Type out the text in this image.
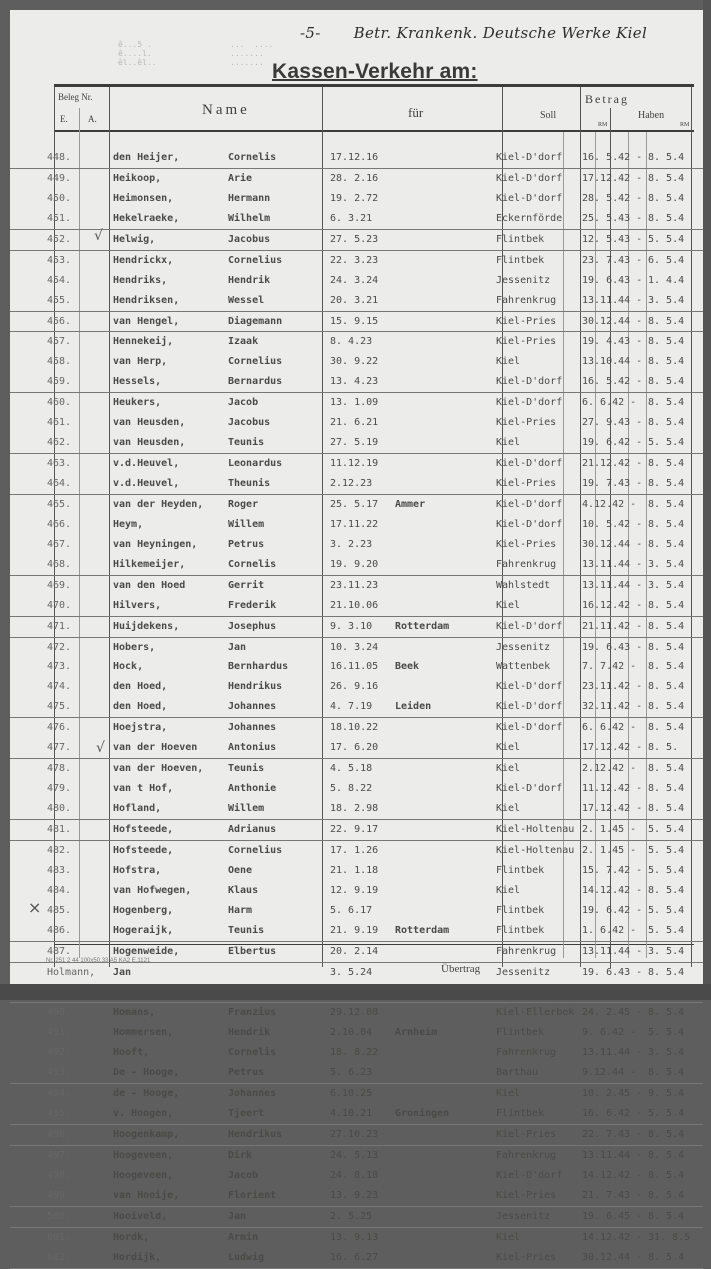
-5- Betr. Krankenk. Deutsche Werke Kiel
Kassen-Verkehr am:
ê...5 .
ê....l.
êl..êl..
...  ....
.......
.......
Beleg Nr.
E. A.
Name	für
Betrag
Soll	Haben
RM	RM
448.	den Heijer,	Cornelis	17.12.16	Kiel-D'dorf 16. 5.42 - 8. 5.4
449.	Heikoop,	Arie	28. 2.16	Kiel-D'dorf 17.12.42 - 8. 5.4
450.	Heimonsen,	Hermann	19. 2.72	Kiel-D'dorf 28. 5.42 - 8. 5.4
451.	Hekelraeke,	Wilhelm	6. 3.21	Eckernförde 25. 5.43 - 8. 5.4
452.	Helwig,	Jacobus	27. 5.23	Flintbek	12. 5.43 - 5. 5.4
453.	Hendrickx,	Cornelius	22. 3.23	Flintbek	23. 7.43 - 6. 5.4
454.	Hendriks,	Hendrik	24. 3.24	Jessenitz	19. 6.43 - 1. 4.4
455.	Hendriksen,	Wessel	20. 3.21	Fahrenkrug	13.11.44 - 3. 5.4
456.	van Hengel,	Diagemann	15. 9.15	Kiel-Pries	30.12.44 - 8. 5.4
457.	Hennekeij,	Izaak	8. 4.23	Kiel-Pries	19. 4.43 - 8. 5.4
458.	van Herp,	Cornelius	30. 9.22	Kiel	13.10.44 - 8. 5.4
459.	Hessels,	Bernardus	13. 4.23	Kiel-D'dorf 16. 5.42 - 8. 5.4
460.	Heukers,	Jacob	13. 1.09	Kiel-D'dorf 6. 6.42 - 8. 5.4
461.	van Heusden,	Jacobus	21. 6.21	Kiel-Pries	27. 9.43 - 8. 5.4
462.	van Heusden,	Teunis	27. 5.19	Kiel	19. 6.42 - 5. 5.4
463.	v.d.Heuvel,	Leonardus	11.12.19	Kiel-D'dorf 21.12.42 - 8. 5.4
464.	v.d.Heuvel,	Theunis	2.12.23	Kiel-Pries	19. 7.43 - 8. 5.4
465.	van der Heyden, Roger	25. 5.17 Ammer	Kiel-D'dorf 4.12.42 - 8. 5.4
466.	Heym,	Willem	17.11.22	Kiel-D'dorf 10. 5.42 - 8. 5.4
467.	van Heyningen,	Petrus	3. 2.23	Kiel-Pries	30.12.44 - 8. 5.4
468.	Hilkemeijer,	Cornelis	19. 9.20	Fahrenkrug	13.11.44 - 3. 5.4
469.	van den Hoed	Gerrit	23.11.23	Wahlstedt	13.11.44 - 3. 5.4
470.	Hilvers,	Frederik	21.10.06	Kiel	16.12.42 - 8. 5.4
471.	Huijdekens,	Josephus	9. 3.10 Rotterdam	Kiel-D'dorf 21.11.42 - 8. 5.4
472.	Hobers,	Jan	10. 3.24	Jessenitz	19. 6.43 - 8. 5.4
473.	Hock,	Bernhardus	16.11.05 Beek	Wattenbek	7. 7.42 - 8. 5.4
474.	den Hoed,	Hendrikus	26. 9.16	Kiel-D'dorf 23.11.42 - 8. 5.4
475.	den Hoed,	Johannes	4. 7.19 Leiden	Kiel-D'dorf 32.11.42 - 8. 5.4
476.	Hoejstra,	Johannes	18.10.22	Kiel-D'dorf 6. 6.42 - 8. 5.4
477.	van der Hoeven	Antonius	17. 6.20	Kiel	17.12.42 - 8. 5.
478.	van der Hoeven, Teunis	4. 5.18	Kiel	2.12.42 - 8. 5.4
479.	van t Hof,	Anthonie	5. 8.22	Kiel-D'dorf 11.12.42 - 8. 5.4
480.	Hofland,	Willem	18. 2.98	Kiel	17.12.42 - 8. 5.4
481.	Hofsteede,	Adrianus	22. 9.17	Kiel-Holtenau 2. 1.45 - 5. 5.4
482.	Hofsteede,	Cornelius	17. 1.26	Kiel-Holtenau 2. 1.45 - 5. 5.4
483.	Hofstra,	Oene	21. 1.18	Flintbek	15. 7.42 - 5. 5.4
484.	van Hofwegen,	Klaus	12. 9.19	Kiel	14.12.42 - 8. 5.4
485.	Hogenberg,	Harm	5. 6.17	Flintbek	19. 6.42 - 5. 5.4
486.	Hogeraijk,	Teunis	21. 9.19 Rotterdam	Flintbek	1. 6.42 - 5. 5.4
487.	Hogenweide,	Elbertus	20. 2.14	Fahrenkrug	13.11.44 - 3. 5.4
Holmann, Jan	3. 5.24	Jessenitz	19. 6.43 - 8. 5.4
490.	Homans,	Franzius	29.12.08	Kiel-Ellerbek 24. 2.45 - 8. 5.4
491.	Hommersen,	Hendrik	2.10.04 Arnheim	Flintbek	9. 6.42 - 5. 5.4
492.	Hooft,	Cornelis	18. 8.22	Fahrenkrug	13.11.44 - 3. 5.4
493.	De - Hooge,	Petrus	5. 6.23	Barthau	9.12.44 - 8. 5.4
494.	de - Hooge,	Johannes	6.10.25	Kiel	10. 2.45 - 9. 5.4
495.	v. Hoogen,	Tjeert	4.10.21 Groningen	Flintbek	16. 6.42 - 5. 5.4
496.	Hoogenkamp,	Hendrikus	27.10.23	Kiel-Pries	22. 7.43 - 8. 5.4
497.	Hoogeveen,	Dirk	24. 5.13	Fahrenkrug	13.11.44 - 8. 5.4
498.	Hoogeveen,	Jacob	24. 8.18	Kiel-D'dorf 14.12.42 - 8. 5.4
499.	van Hooije,	Florient	13. 9.23	Kiel-Pries	21. 7.43 - 8. 5.4
500.	Hooiveld,	Jan	2. 5.25	Jessenitz	19. 6.45 - 8. 5.4
601.	Hordk,	Armin	13. 9.13	Kiel	14.12.42 - 31. 8.5
602.	Hordijk,	Ludwig	16. 6.27	Kiel-Pries	30.12.44 - 8. 5.4
√
√
×
Nr. 251 2 44 100x50,33 A5 KA2 E,1121
Übertrag
